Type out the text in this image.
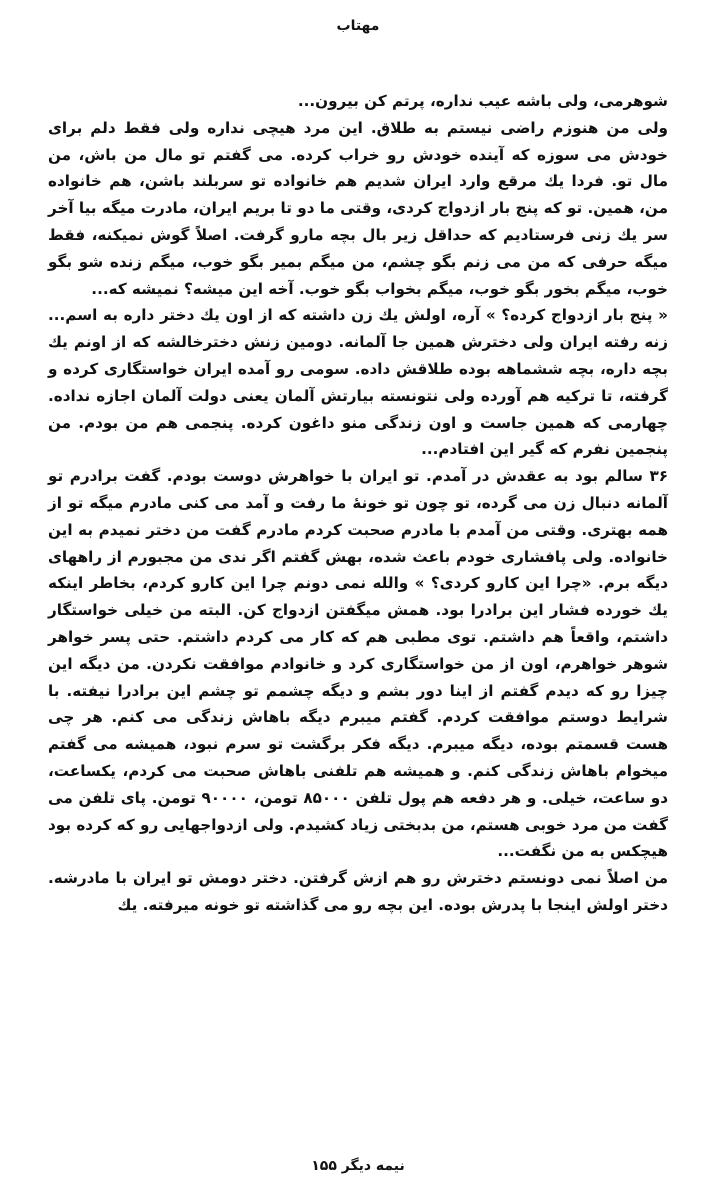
مهتاب

شوهرمی، ولی باشه عیب نداره، پرتم کن بیرون...

ولی من هنوزم راضی نیستم به طلاق. این مرد هیچی نداره ولی فقط دلم برای خودش می سوزه که آینده خودش رو خراب کرده. می گفتم تو مال من باش، من مال تو. فردا یك مرقع وارد ایران شدیم هم خانواده تو سربلند باشن، هم خانواده من، همین. تو که پنج بار ازدواج کردی، وقتی ما دو تا بریم ایران، مادرت میگه بیا آخر سر یك زنی فرستادیم که حداقل زیر بال بچه مارو گرفت. اصلاً گوش نمیکنه، فقط میگه حرفی که من می زنم بگو چشم، من میگم بمیر بگو خوب، میگم زنده شو بگو خوب، میگم بخور بگو خوب، میگم بخواب بگو خوب. آخه این میشه؟ نمیشه که...

« پنج بار ازدواج کرده؟ » آره، اولش یك زن داشته که از اون یك دختر داره به اسم... زنه رفته ایران ولی دخترش همین جا آلمانه. دومین زنش دخترخالشه که از اونم یك بچه داره، بچه ششماهه بوده طلاقش داده. سومی رو آمده ایران خواستگاری کرده و گرفته، تا ترکیه هم آورده ولی نتونسته بیارتش آلمان یعنی دولت آلمان اجازه نداده. چهارمی که همین جاست و اون زندگی منو داغون کرده. پنجمی هم من بودم. من پنجمین نفرم که گیر این افتادم...

۳۶ سالم بود به عقدش در آمدم. تو ایران با خواهرش دوست بودم. گفت برادرم تو آلمانه دنبال زن می گرده، تو چون تو خونهٔ ما رفت و آمد می کنی مادرم میگه تو از همه بهتری. وقتی من آمدم با مادرم صحبت کردم مادرم گفت من دختر نمیدم به این خانواده. ولی پافشاری خودم باعث شده، بهش گفتم اگر ندی من مجبورم از راههای دیگه برم. «چرا این کارو کردی؟ » والله نمی دونم چرا این کارو کردم، بخاطر اینکه یك خورده فشار این برادرا بود. همش میگفتن ازدواج کن. البته من خیلی خواستگار داشتم، واقعاً هم داشتم. توی مطبی هم که کار می کردم داشتم. حتی پسر خواهر شوهر خواهرم، اون از من خواستگاری کرد و خانوادم موافقت نکردن. من دیگه این چیزا رو که دیدم گفتم از اینا دور بشم و دیگه چشمم تو چشم این برادرا نیفته. با شرایط دوستم موافقت کردم. گفتم میبرم دیگه باهاش زندگی می کنم. هر چی هست قسمتم بوده، دیگه میبرم. دیگه فکر برگشت تو سرم نبود، همیشه می گفتم میخوام باهاش زندگی کنم. و همیشه هم تلفنی باهاش صحبت می کردم، یکساعت، دو ساعت، خیلی. و هر دفعه هم پول تلفن ۸۵۰۰۰ تومن، ۹۰۰۰۰ تومن. پای تلفن می گفت من مرد خوبی هستم، من بدبختی زیاد کشیدم. ولی ازدواجهایی رو که کرده بود هیچکس به من نگفت...

من اصلاً نمی دونستم دخترش رو هم ازش گرفتن. دختر دومش تو ایران با مادرشه. دختر اولش اینجا با پدرش بوده. این بچه رو می گذاشته تو خونه میرفته. یك

نیمه دیگر ۱۵۵
